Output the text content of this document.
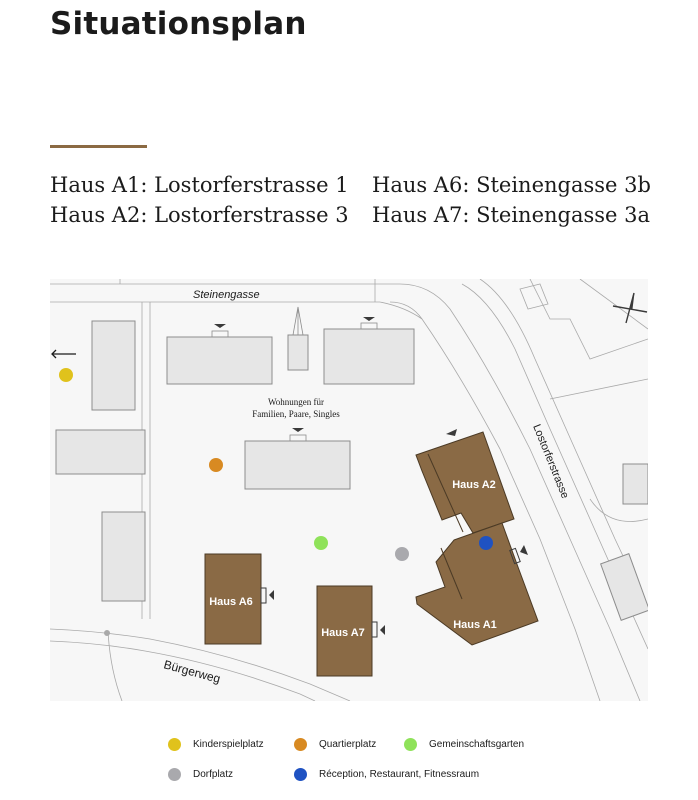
Situationsplan
Haus A1: Lostorferstrasse 1
Haus A2: Lostorferstrasse 3
Haus A6: Steinengasse 3b
Haus A7: Steinengasse 3a
Steinengasse
Lostorferstrasse
Bürgerweg
Wohnungen für
Familien, Paare, Singles
Haus A1
Haus A2
Haus A6
Haus A7
Kinderspielplatz	Quartierplatz	Gemeinschaftsgarten
Dorfplatz	Réception, Restaurant, Fitnessraum
